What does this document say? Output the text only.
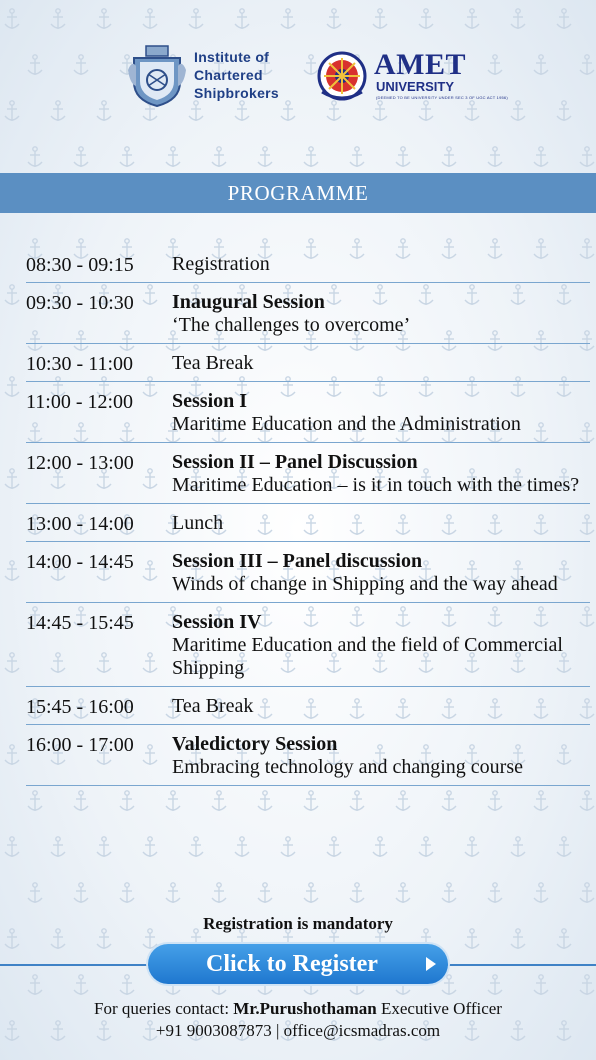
Institute of
Chartered
Shipbrokers
AMET
UNIVERSITY
(DEEMED TO BE UNIVERSITY UNDER SEC 3 OF UGC ACT 1956)
PROGRAMME
08:30 - 09:15 Registration
09:30 - 10:30 Inaugural Session
‘The challenges to overcome’
10:30 - 11:00 Tea Break
11:00 - 12:00 Session I
Maritime Education and the Administration
12:00 - 13:00 Session II – Panel Discussion
Maritime Education – is it in touch with the times?
13:00 - 14:00 Lunch
14:00 - 14:45 Session III – Panel discussion
Winds of change in Shipping and the way ahead
14:45 - 15:45 Session IV
Maritime Education and the field of Commercial Shipping
15:45 - 16:00 Tea Break
16:00 - 17:00 Valedictory Session
Embracing technology and changing course
Registration is mandatory
Click to Register
For queries contact: Mr.Purushothaman Executive Officer
+91 9003087873 | office@icsmadras.com
